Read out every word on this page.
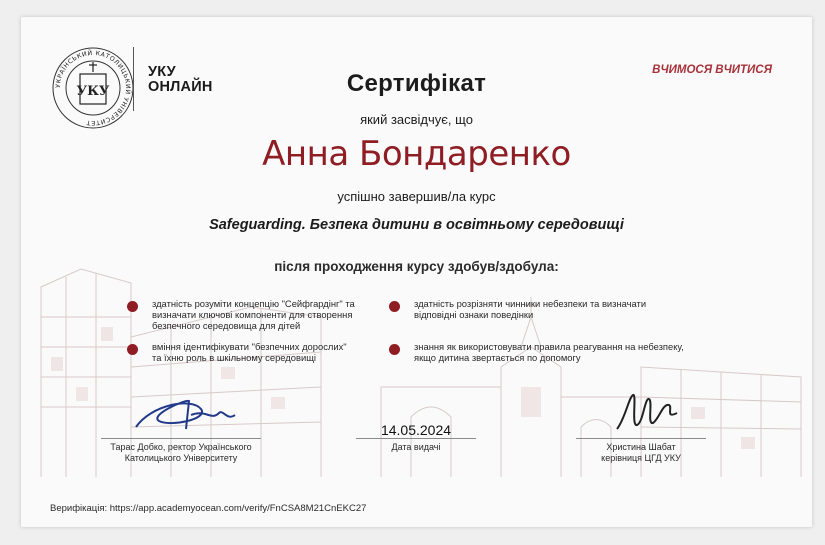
УКРАЇНСЬКИЙ КАТОЛИЦЬКИЙ УНІВЕРСИТЕТ
УКУ
УКУ
ОНЛАЙН
ВЧИМОСЯ ВЧИТИСЯ
Сертифікат
який засвідчує, що
Анна Бондаренко
успішно завершив/ла курс
Safeguarding. Безпека дитини в освітньому середовищі
після проходження курсу здобув/здобула:
здатність розуміти концепцію "Сейфгардінг" та визначати ключові компоненти для створення безпечного середовища для дітей
вміння ідентифікувати "безпечних дорослих" та їхню роль в шкільному середовищі
здатність розрізняти чинники небезпеки та визначати відповідні ознаки поведінки
знання як використовувати правила реагування на небезпеку, якщо дитина звертається по допомогу
Тарас Добко, ректор Українського
Католицького Університету
14.05.2024
Дата видачі	Христина Шабат
керівниця ЦГД УКУ
Верифікація: https://app.academyocean.com/verify/FnCSA8M21CnEKC27
